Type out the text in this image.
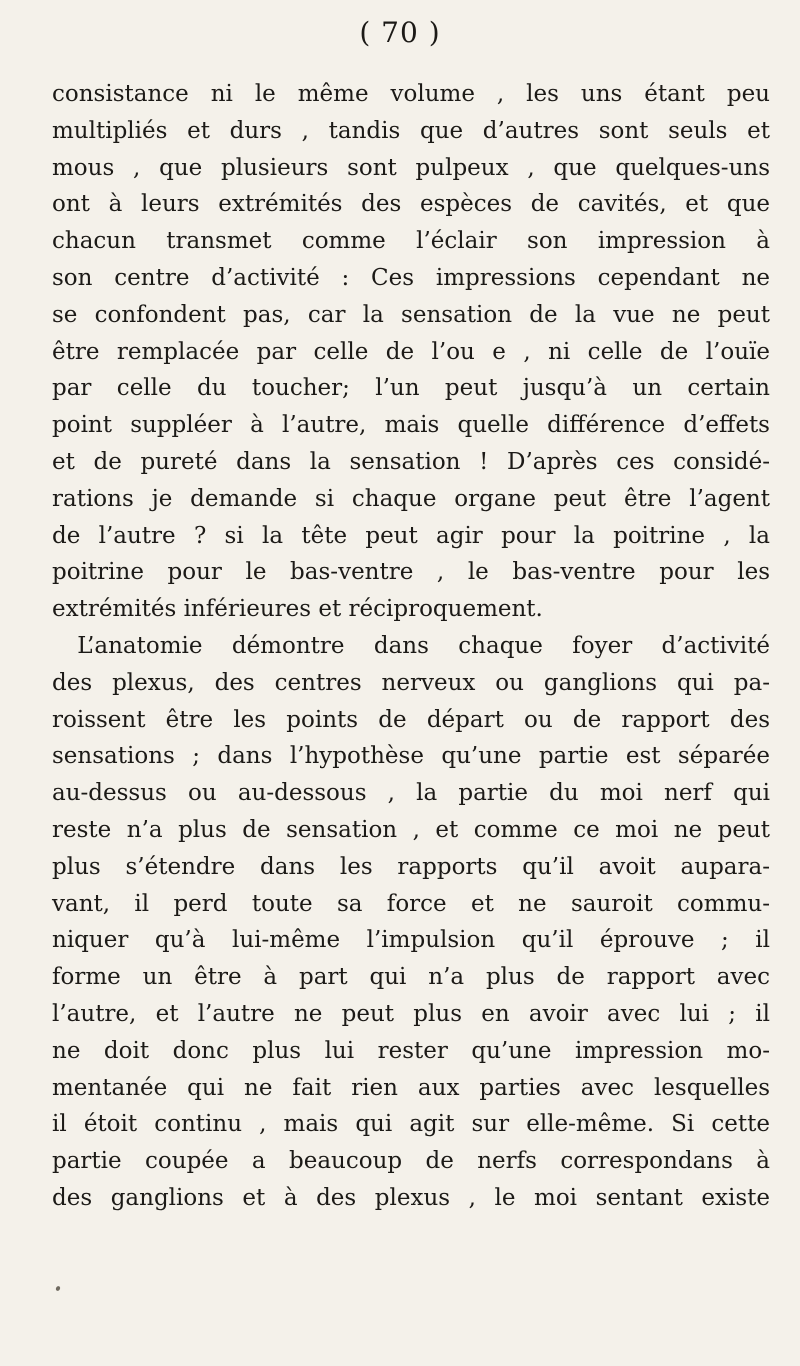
( 70 )
consistance ni le même volume , les uns étant peu
multipliés et durs , tandis que d’autres sont seuls et
mous , que plusieurs sont pulpeux , que quelques-uns
ont à leurs extrémités des espèces de cavités, et que
chacun transmet comme l’éclair son impression à
son centre d’activité : Ces impressions cependant ne
se confondent pas, car la sensation de la vue ne peut
être remplacée par celle de l’ou e , ni celle de l’ouïe
par celle du toucher; l’un peut jusqu’à un certain
point suppléer à l’autre, mais quelle différence d’effets
et de pureté dans la sensation ! D’après ces considé-
rations je demande si chaque organe peut être l’agent
de l’autre ? si la tête peut agir pour la poitrine , la
poitrine pour le bas-ventre , le bas-ventre pour les
extrémités inférieures et réciproquement.
L’anatomie démontre dans chaque foyer d’activité
des plexus, des centres nerveux ou ganglions qui pa-
roissent être les points de départ ou de rapport des
sensations ; dans l’hypothèse qu’une partie est séparée
au-dessus ou au-dessous , la partie du moi nerf qui
reste n’a plus de sensation , et comme ce moi ne peut
plus s’étendre dans les rapports qu’il avoit aupara-
vant, il perd toute sa force et ne sauroit commu-
niquer qu’à lui-même l’impulsion qu’il éprouve ; il
forme un être à part qui n’a plus de rapport avec
l’autre, et l’autre ne peut plus en avoir avec lui ; il
ne doit donc plus lui rester qu’une impression mo-
mentanée qui ne fait rien aux parties avec lesquelles
il étoit continu , mais qui agit sur elle-même. Si cette
partie coupée a beaucoup de nerfs correspondans à
des ganglions et à des plexus , le moi sentant existe
